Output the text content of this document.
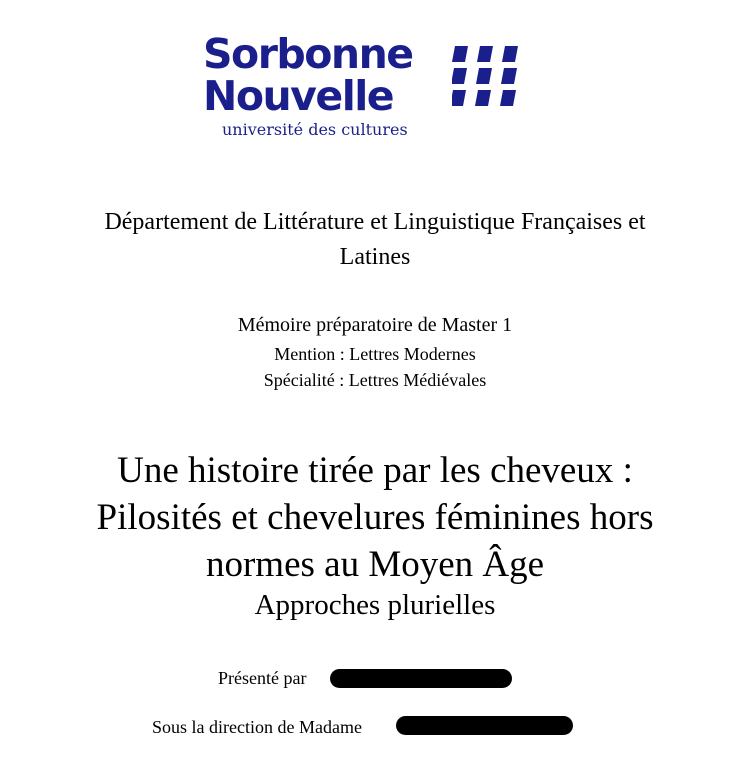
Sorbonne
Nouvelle
université des cultures
Département de Littérature et Linguistique Françaises et
Latines
Mémoire préparatoire de Master 1
Mention : Lettres Modernes
Spécialité : Lettres Médiévales
Une histoire tirée par les cheveux :
Pilosités et chevelures féminines hors
normes au Moyen Âge
Approches plurielles
Présenté par
Sous la direction de Madame
